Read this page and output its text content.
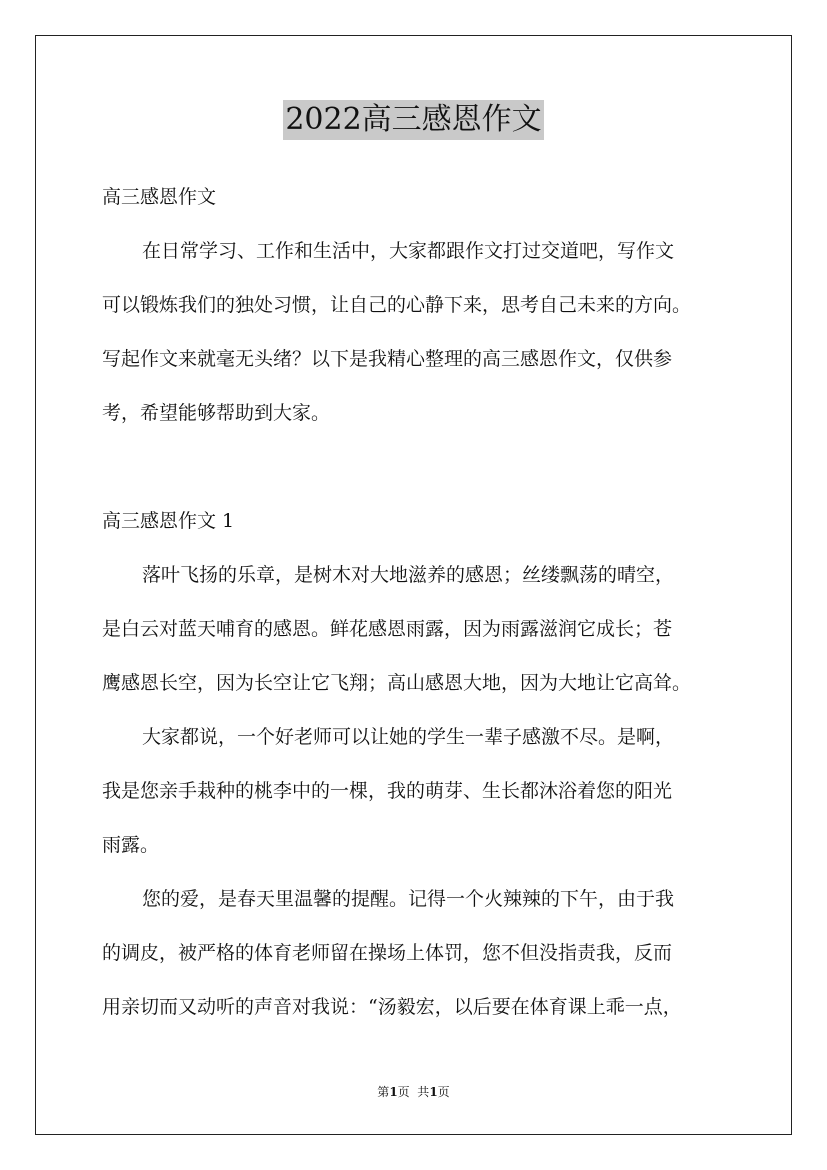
2022高三感恩作文
高三感恩作文
在日常学习、工作和生活中，大家都跟作文打过交道吧，写作文
可以锻炼我们的独处习惯，让自己的心静下来，思考自己未来的方向。
写起作文来就毫无头绪？以下是我精心整理的高三感恩作文，仅供参
考，希望能够帮助到大家。
高三感恩作文 1
落叶飞扬的乐章，是树木对大地滋养的感恩；丝缕飘荡的晴空，
是白云对蓝天哺育的感恩。鲜花感恩雨露，因为雨露滋润它成长；苍
鹰感恩长空，因为长空让它飞翔；高山感恩大地，因为大地让它高耸。
大家都说，一个好老师可以让她的学生一辈子感激不尽。是啊，
我是您亲手栽种的桃李中的一棵，我的萌芽、生长都沐浴着您的阳光
雨露。
您的爱，是春天里温馨的提醒。记得一个火辣辣的下午，由于我
的调皮，被严格的体育老师留在操场上体罚，您不但没指责我，反而
用亲切而又动听的声音对我说：“汤毅宏，以后要在体育课上乖一点，
第1页  共1页
